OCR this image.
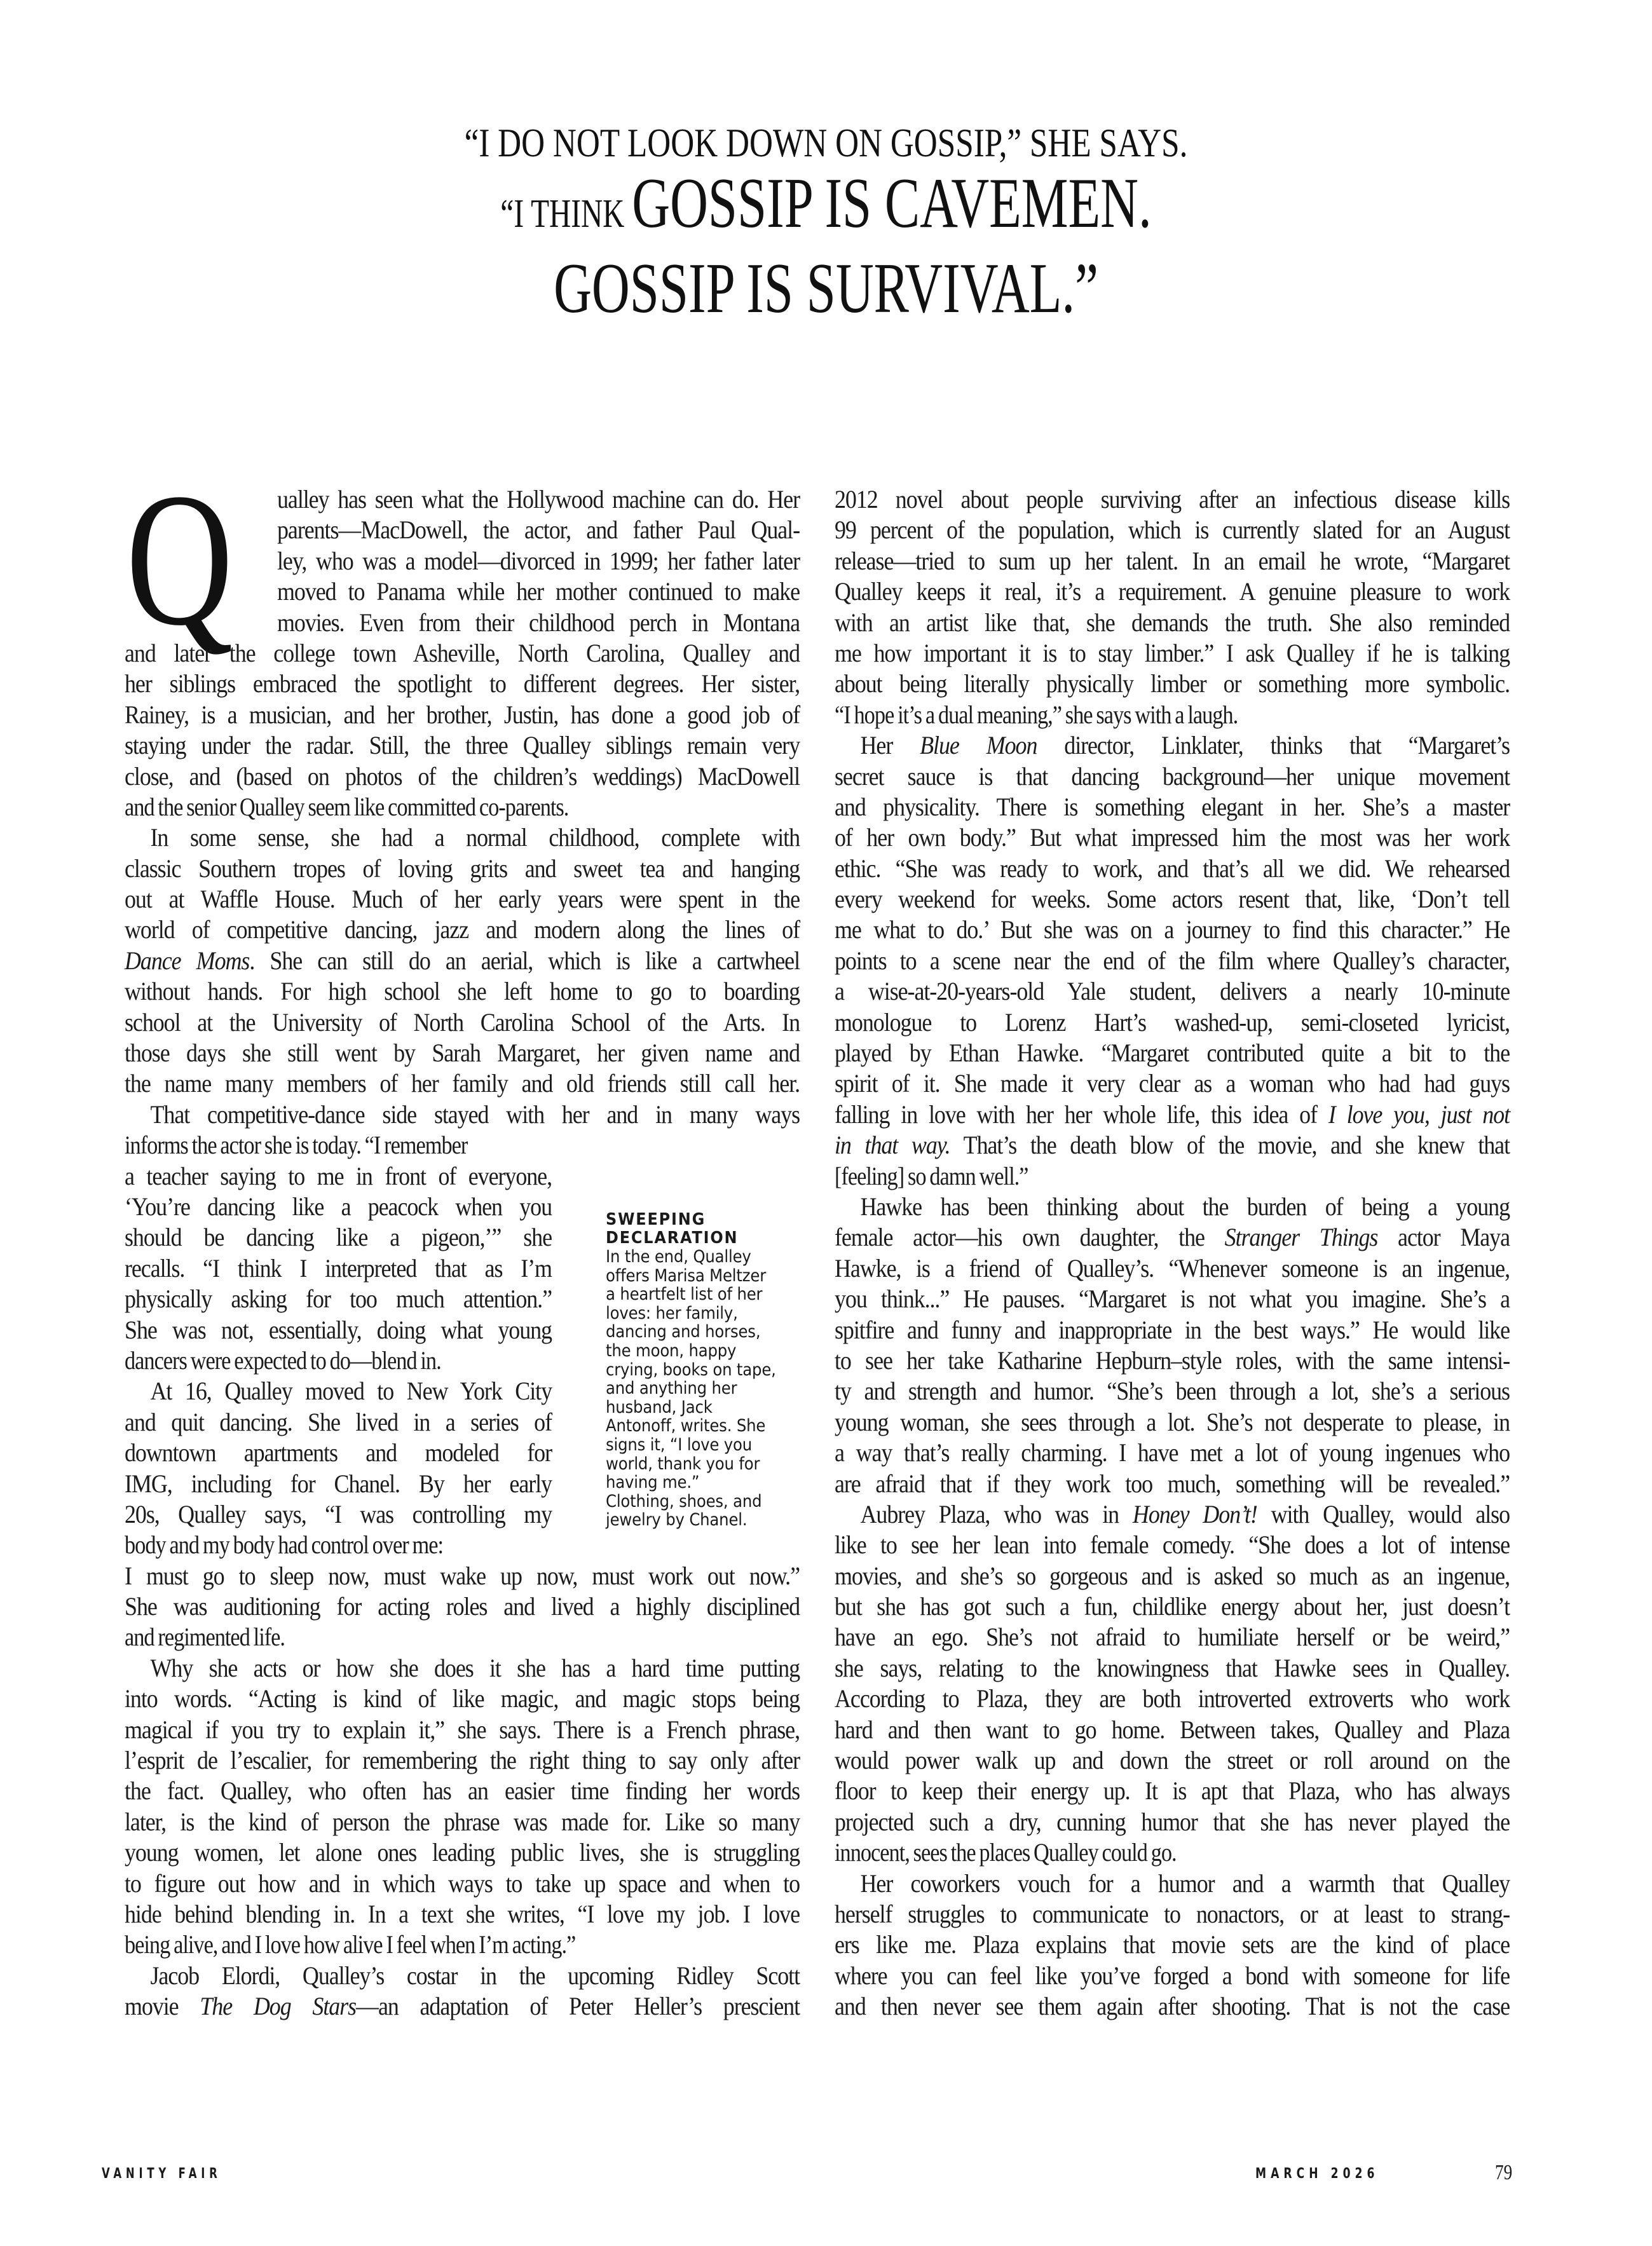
“I DO NOT LOOK DOWN ON GOSSIP,” SHE SAYS.
“I THINK GOSSIP IS CAVEMEN.
GOSSIP IS SURVIVAL.”
Q ualley has seen what the Hollywood machine can do. Her
parents—MacDowell, the actor, and father Paul Qual-
ley, who was a model—divorced in 1999; her father later
moved to Panama while her mother continued to make
movies. Even from their childhood perch in Montana
and later the college town Asheville, North Carolina, Qualley and
her siblings embraced the spotlight to different degrees. Her sister,
Rainey, is a musician, and her brother, Justin, has done a good job of
staying under the radar. Still, the three Qualley siblings remain very
close, and (based on photos of the children’s weddings) MacDowell
and the senior Qualley seem like committed co-parents.
In some sense, she had a normal childhood, complete with
classic Southern tropes of loving grits and sweet tea and hanging
out at Waffle House. Much of her early years were spent in the
world of competitive dancing, jazz and modern along the lines of
Dance Moms. She can still do an aerial, which is like a cartwheel
without hands. For high school she left home to go to boarding
school at the University of North Carolina School of the Arts. In
those days she still went by Sarah Margaret, her given name and
the name many members of her family and old friends still call her.
That competitive-dance side stayed with her and in many ways
informs the actor she is today. “I remember
a teacher saying to me in front of everyone,
‘You’re dancing like a peacock when you
should be dancing like a pigeon,’” she
recalls. “I think I interpreted that as I’m
physically asking for too much attention.”
She was not, essentially, doing what young
dancers were expected to do—blend in.
At 16, Qualley moved to New York City
and quit dancing. She lived in a series of
downtown apartments and modeled for
IMG, including for Chanel. By her early
20s, Qualley says, “I was controlling my
body and my body had control over me:
I must go to sleep now, must wake up now, must work out now.”
She was auditioning for acting roles and lived a highly disciplined
and regimented life.
Why she acts or how she does it she has a hard time putting
into words. “Acting is kind of like magic, and magic stops being
magical if you try to explain it,” she says. There is a French phrase,
l’esprit de l’escalier, for remembering the right thing to say only after
the fact. Qualley, who often has an easier time finding her words
later, is the kind of person the phrase was made for. Like so many
young women, let alone ones leading public lives, she is struggling
to figure out how and in which ways to take up space and when to
hide behind blending in. In a text she writes, “I love my job. I love
being alive, and I love how alive I feel when I’m acting.”
Jacob Elordi, Qualley’s costar in the upcoming Ridley Scott
movie The Dog Stars—an adaptation of Peter Heller’s prescient
2012 novel about people surviving after an infectious disease kills
99 percent of the population, which is currently slated for an August
release—tried to sum up her talent. In an email he wrote, “Margaret
Qualley keeps it real, it’s a requirement. A genuine pleasure to work
with an artist like that, she demands the truth. She also reminded
me how important it is to stay limber.” I ask Qualley if he is talking
about being literally physically limber or something more symbolic.
“I hope it’s a dual meaning,” she says with a laugh.
Her Blue Moon director, Linklater, thinks that “Margaret’s
secret sauce is that dancing background—her unique movement
and physicality. There is something elegant in her. She’s a master
of her own body.” But what impressed him the most was her work
ethic. “She was ready to work, and that’s all we did. We rehearsed
every weekend for weeks. Some actors resent that, like, ‘Don’t tell
me what to do.’ But she was on a journey to find this character.” He
points to a scene near the end of the film where Qualley’s character,
a wise-at-20-years-old Yale student, delivers a nearly 10-minute
monologue to Lorenz Hart’s washed-up, semi-closeted lyricist,
played by Ethan Hawke. “Margaret contributed quite a bit to the
spirit of it. She made it very clear as a woman who had had guys
falling in love with her her whole life, this idea of I love you, just not
in that way. That’s the death blow of the movie, and she knew that
[feeling] so damn well.”
Hawke has been thinking about the burden of being a young
female actor—his own daughter, the Stranger Things actor Maya
Hawke, is a friend of Qualley’s. “Whenever someone is an ingenue,
you think...” He pauses. “Margaret is not what you imagine. She’s a
spitfire and funny and inappropriate in the best ways.” He would like
to see her take Katharine Hepburn–style roles, with the same intensi-
ty and strength and humor. “She’s been through a lot, she’s a serious
young woman, she sees through a lot. She’s not desperate to please, in
a way that’s really charming. I have met a lot of young ingenues who
are afraid that if they work too much, something will be revealed.”
Aubrey Plaza, who was in Honey Don’t! with Qualley, would also
like to see her lean into female comedy. “She does a lot of intense
movies, and she’s so gorgeous and is asked so much as an ingenue,
but she has got such a fun, childlike energy about her, just doesn’t
have an ego. She’s not afraid to humiliate herself or be weird,”
she says, relating to the knowingness that Hawke sees in Qualley.
According to Plaza, they are both introverted extroverts who work
hard and then want to go home. Between takes, Qualley and Plaza
would power walk up and down the street or roll around on the
floor to keep their energy up. It is apt that Plaza, who has always
projected such a dry, cunning humor that she has never played the
innocent, sees the places Qualley could go.
Her coworkers vouch for a humor and a warmth that Qualley
herself struggles to communicate to nonactors, or at least to strang-
ers like me. Plaza explains that movie sets are the kind of place
where you can feel like you’ve forged a bond with someone for life
and then never see them again after shooting. That is not the case
SWEEPING
DECLARATION
In the end, Qualley
offers Marisa Meltzer
a heartfelt list of her
loves: her family,
dancing and horses,
the moon, happy
crying, books on tape,
and anything her
husband, Jack
Antonoff, writes. She
signs it, “I love you
world, thank you for
having me.”
Clothing, shoes, and
jewelry by Chanel.
VANITY FAIR	MARCH 2026	79
